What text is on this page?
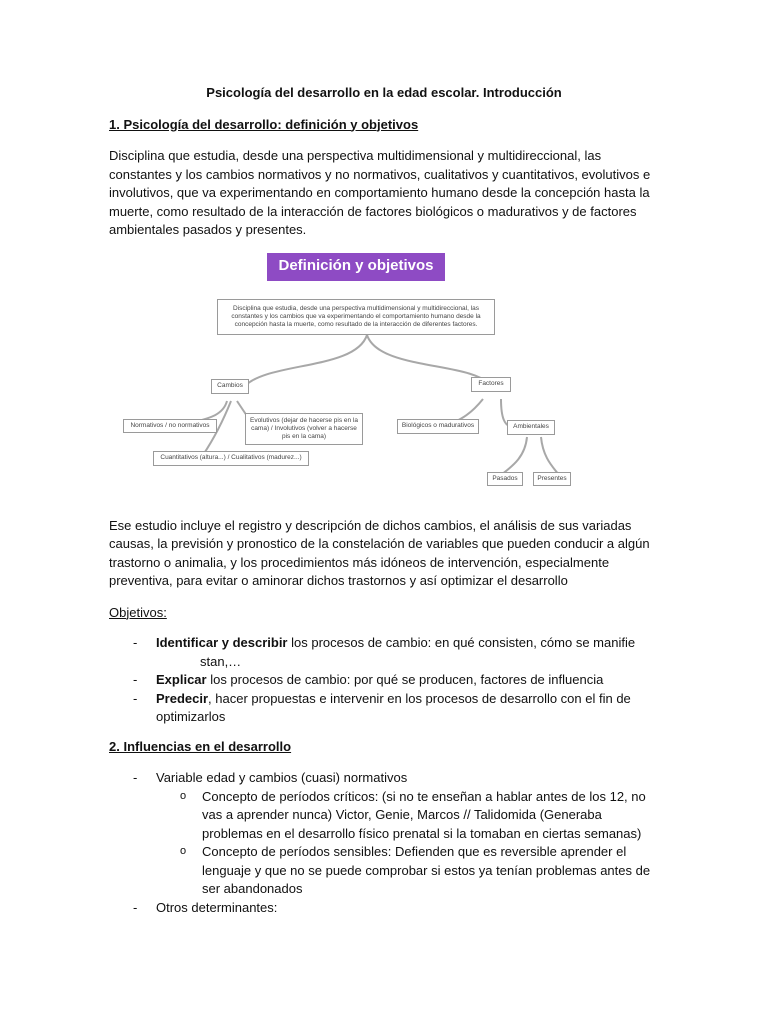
Psicología del desarrollo en la edad escolar. Introducción

1. Psicología del desarrollo: definición y objetivos

Disciplina que estudia, desde una perspectiva multidimensional y multidireccional, las constantes y los cambios normativos y no normativos, cualitativos y cuantitativos, evolutivos e involutivos, que va experimentando en comportamiento humano desde la concepción hasta la muerte, como resultado de la interacción de factores biológicos o madurativos y de factores ambientales pasados y presentes.

Definición y objetivos
Disciplina que estudia, desde una perspectiva multidimensional y multidireccional, las constantes y los cambios que va experimentando el comportamiento humano desde la concepción hasta la muerte, como resultado de la interacción de diferentes factores.
Cambios
Normativos / no normativos
Evolutivos (dejar de hacerse pis en la cama) / Involutivos (volver a hacerse pis en la cama)
Cuantitativos (altura...) / Cualitativos (madurez...)
Factores
Biológicos o madurativos	Ambientales
Pasados	Presentes

Ese estudio incluye el registro y descripción de dichos cambios, el análisis de sus variadas causas, la previsión y pronostico de la constelación de variables que pueden conducir a algún trastorno o animalia, y los procedimientos más idóneos de intervención, especialmente preventiva, para evitar o aminorar dichos trastornos y así optimizar el desarrollo

Objetivos:

- Identificar y describir los procesos de cambio: en qué consisten, cómo se manifie
stan,…
- Explicar los procesos de cambio: por qué se producen, factores de influencia
- Predecir, hacer propuestas e intervenir en los procesos de desarrollo con el fin de optimizarlos

2. Influencias en el desarrollo

- Variable edad y cambios (cuasi) normativos
o Concepto de períodos críticos: (si no te enseñan a hablar antes de los 12, no vas a aprender nunca) Victor, Genie, Marcos // Talidomida (Generaba problemas en el desarrollo físico prenatal si la tomaban en ciertas semanas)
o Concepto de períodos sensibles: Defienden que es reversible aprender el lenguaje y que no se puede comprobar si estos ya tenían problemas antes de ser abandonados
- Otros determinantes:
